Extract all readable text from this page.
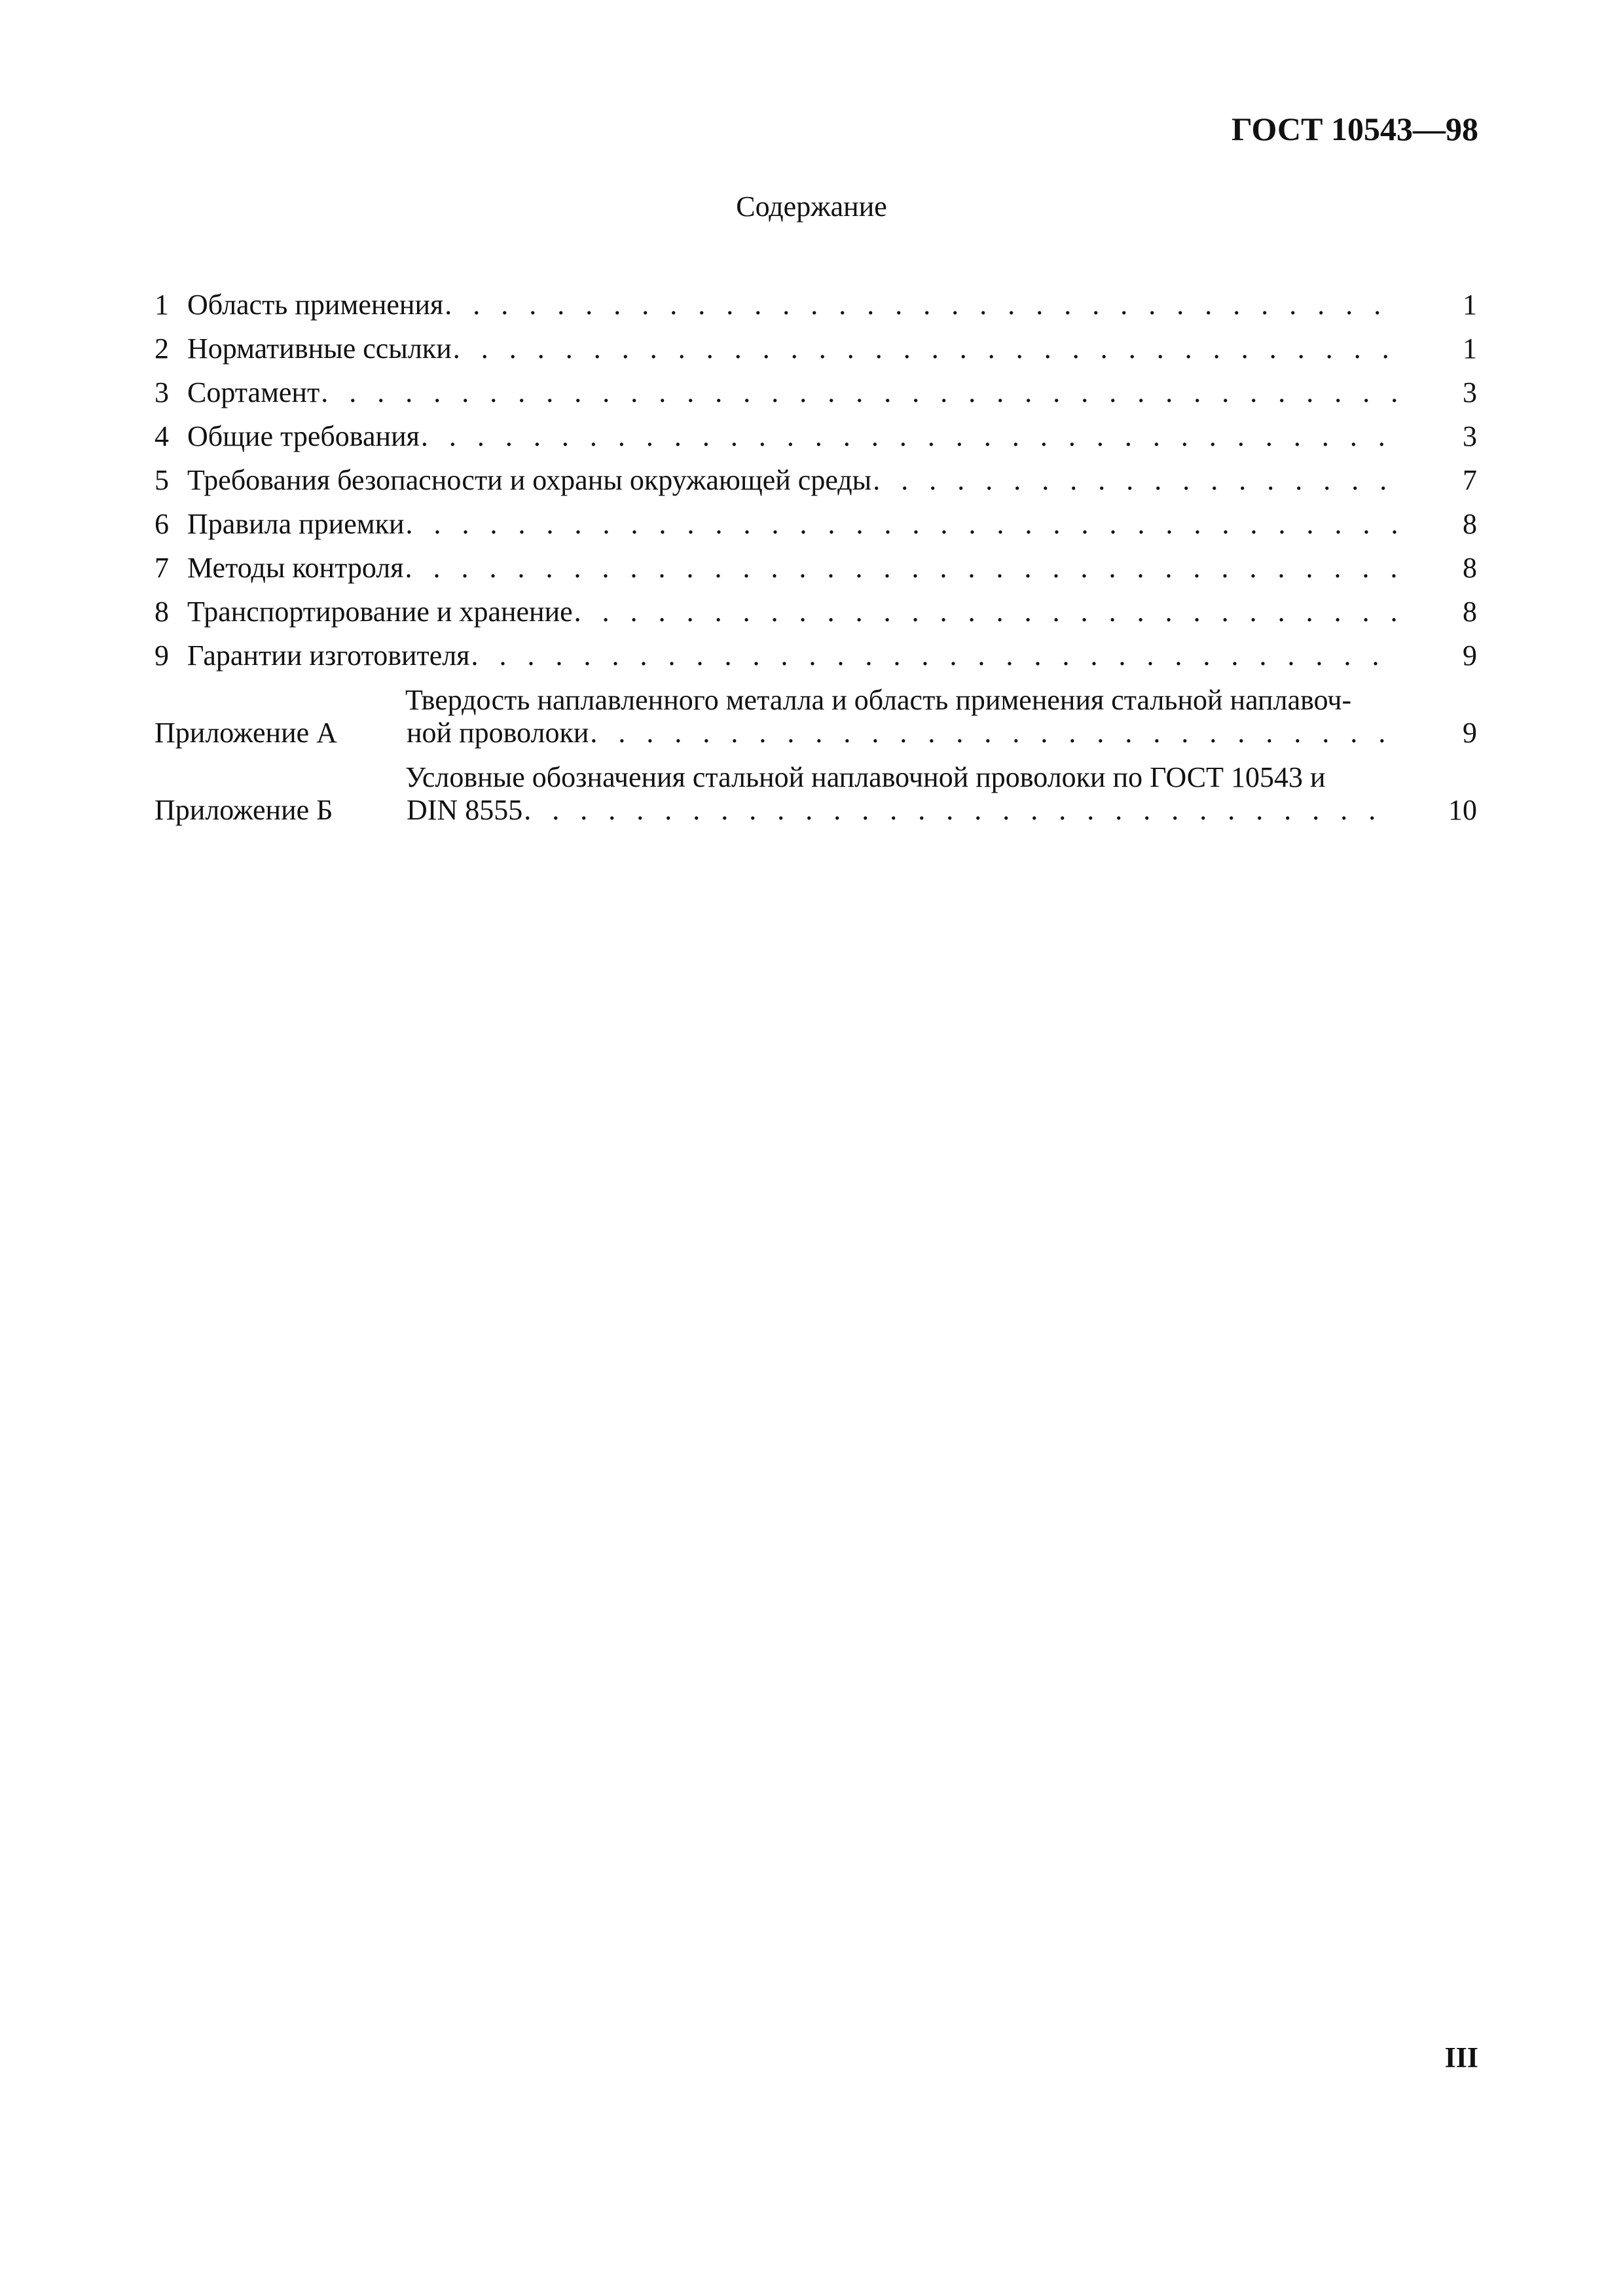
ГОСТ 10543—98
Содержание
1 Область применения . . .	1
2 Нормативные ссылки . . .	1
3 Сортамент . . .	3
4 Общие требования . . .	3
5 Требования безопасности и охраны окружающей среды . . .	7
6 Правила приемки . . .	8
7 Методы контроля . . .	8
8 Транспортирование и хранение . . .	8
9 Гарантии изготовителя . . .	9
Приложение А
Твердость наплавленного металла и область применения стальной наплавоч-
ной проволоки . . .	9
Приложение Б
Условные обозначения стальной наплавочной проволоки по ГОСТ 10543 и
DIN 8555 . . .	10
III
